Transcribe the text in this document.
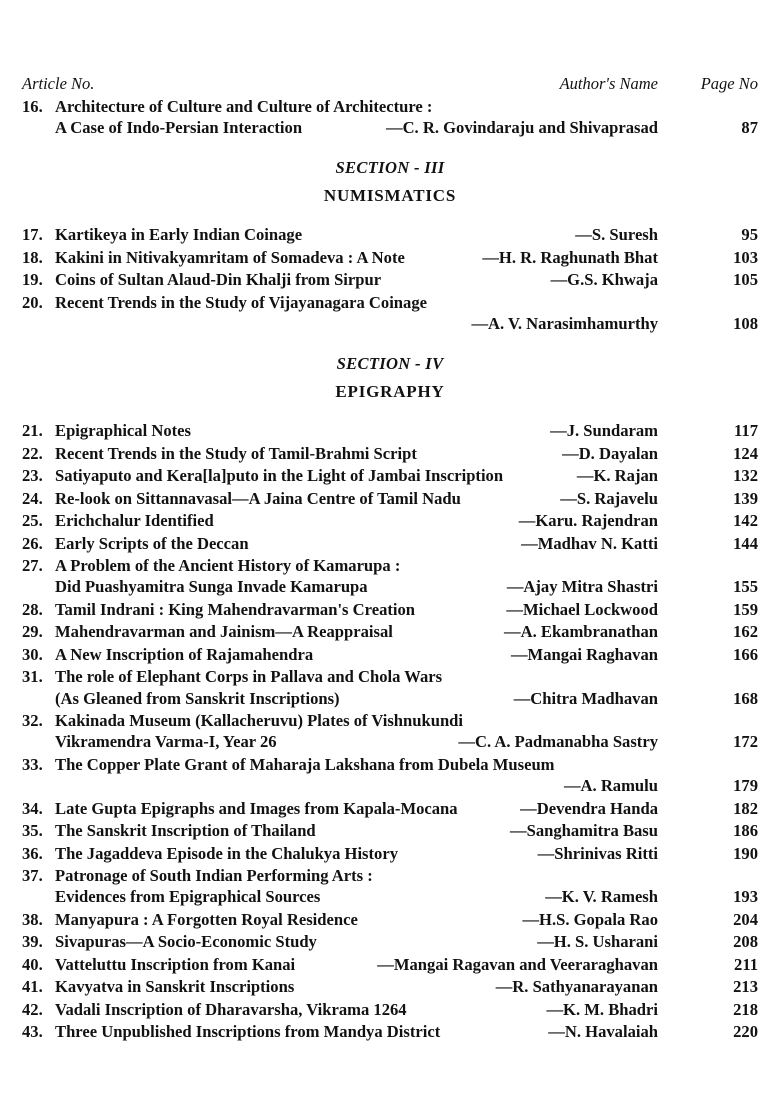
Article No.	Author's Name	Page No
16. Architecture of Culture and Culture of Architecture :
A Case of Indo-Persian Interaction	—C. R. Govindaraju and Shivaprasad	87
SECTION - III
NUMISMATICS
17. Kartikeya in Early Indian Coinage	—S. Suresh	95
18. Kakini in Nitivakyamritam of Somadeva : A Note	—H. R. Raghunath Bhat	103
19. Coins of Sultan Alaud-Din Khalji from Sirpur	—G.S. Khwaja	105
20. Recent Trends in the Study of Vijayanagara Coinage
—A. V. Narasimhamurthy	108
SECTION - IV
EPIGRAPHY
21. Epigraphical Notes	—J. Sundaram	117
22. Recent Trends in the Study of Tamil-Brahmi Script	—D. Dayalan	124
23. Satiyaputo and Kera[la]puto in the Light of Jambai Inscription	—K. Rajan	132
24. Re-look on Sittannavasal—A Jaina Centre of Tamil Nadu	—S. Rajavelu	139
25. Erichchalur Identified	—Karu. Rajendran	142
26. Early Scripts of the Deccan	—Madhav N. Katti	144
27. A Problem of the Ancient History of Kamarupa :
Did Puashyamitra Sunga Invade Kamarupa	—Ajay Mitra Shastri	155
28. Tamil Indrani : King Mahendravarman's Creation	—Michael Lockwood	159
29. Mahendravarman and Jainism—A Reappraisal	—A. Ekambranathan	162
30. A New Inscription of Rajamahendra	—Mangai Raghavan	166
31. The role of Elephant Corps in Pallava and Chola Wars
(As Gleaned from Sanskrit Inscriptions)	—Chitra Madhavan	168
32. Kakinada Museum (Kallacheruvu) Plates of Vishnukundi
Vikramendra Varma-I, Year 26	—C. A. Padmanabha Sastry	172
33. The Copper Plate Grant of Maharaja Lakshana from Dubela Museum
—A. Ramulu	179
34. Late Gupta Epigraphs and Images from Kapala-Mocana	—Devendra Handa	182
35. The Sanskrit Inscription of Thailand	—Sanghamitra Basu	186
36. The Jagaddeva Episode in the Chalukya History	—Shrinivas Ritti	190
37. Patronage of South Indian Performing Arts :
Evidences from Epigraphical Sources	—K. V. Ramesh	193
38. Manyapura : A Forgotten Royal Residence	—H.S. Gopala Rao	204
39. Sivapuras—A Socio-Economic Study	—H. S. Usharani	208
40. Vatteluttu Inscription from Kanai	—Mangai Ragavan and Veeraraghavan	211
41. Kavyatva in Sanskrit Inscriptions	—R. Sathyanarayanan	213
42. Vadali Inscription of Dharavarsha, Vikrama 1264	—K. M. Bhadri	218
43. Three Unpublished Inscriptions from Mandya District	—N. Havalaiah	220
